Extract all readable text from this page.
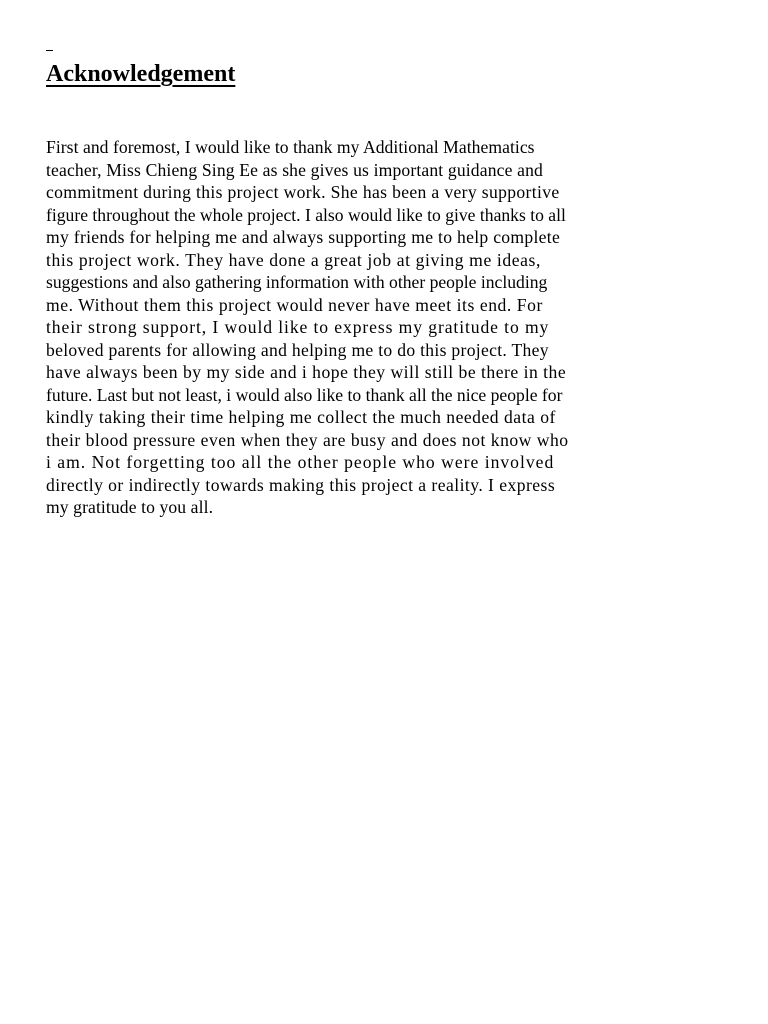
Acknowledgement

First and foremost, I would like to thank my Additional Mathematics
teacher, Miss Chieng Sing Ee as she gives us important guidance and
commitment during this project work. She has been a very supportive
figure throughout the whole project. I also would like to give thanks to all
my friends for helping me and always supporting me to help complete
this project work. They have done a great job at giving me ideas,
suggestions and also gathering information with other people including
me. Without them this project would never have meet its end. For
their strong support, I would like to express my gratitude to my
beloved parents for allowing and helping me to do this project. They
have always been by my side and i hope they will still be there in the
future. Last but not least, i would also like to thank all the nice people for
kindly taking their time helping me collect the much needed data of
their blood pressure even when they are busy and does not know who
i am. Not forgetting too all the other people who were involved
directly or indirectly towards making this project a reality. I express
my gratitude to you all.
